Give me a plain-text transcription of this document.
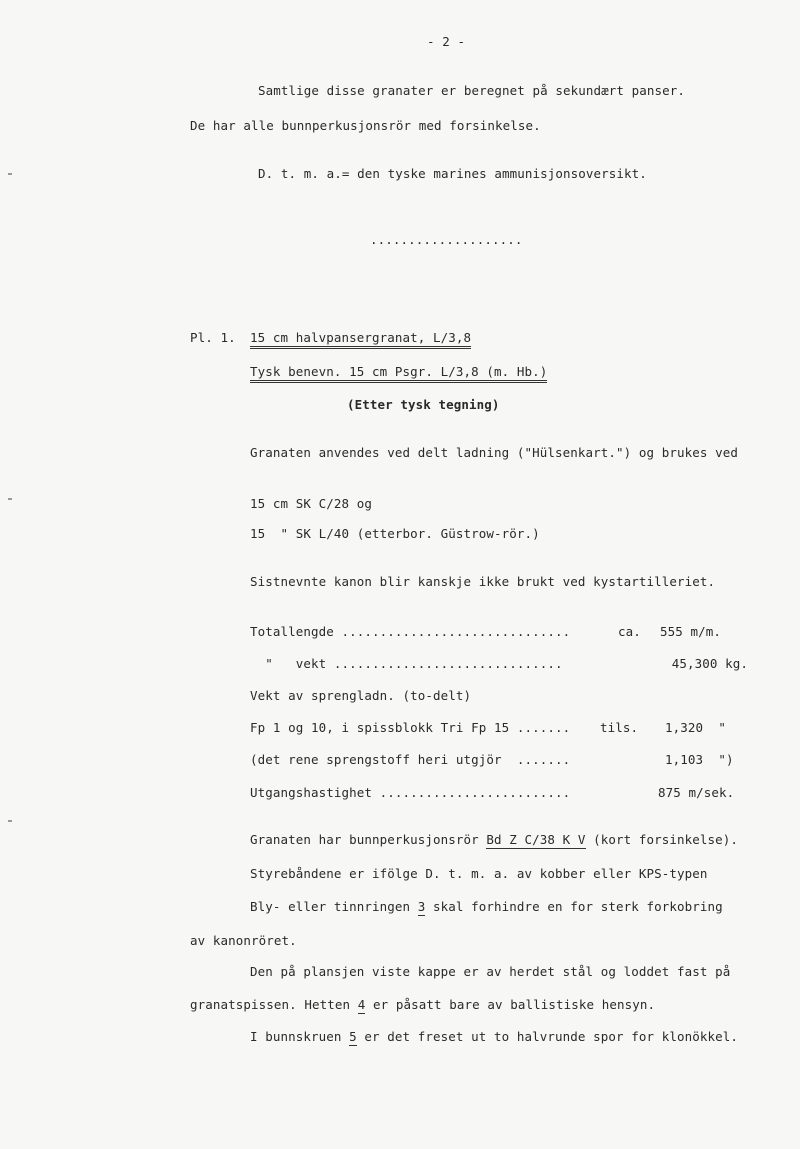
- 2 -
Samtlige disse granater er beregnet på sekundært panser.
De har alle bunnperkusjonsrör med forsinkelse.
D. t. m. a.= den tyske marines ammunisjonsoversikt.
....................
Pl. 1. 15 cm halvpansergranat, L/3,8
Tysk benevn. 15 cm Psgr. L/3,8 (m. Hb.)
(Etter tysk tegning)
Granaten anvendes ved delt ladning ("Hülsenkart.") og brukes ved
15 cm SK C/28 og
15  " SK L/40 (etterbor. Güstrow-rör.)
Sistnevnte kanon blir kanskje ikke brukt ved kystartilleriet.
Totallengde ..............................	ca. 555 m/m.
"   vekt ..............................	45,300 kg.
Vekt av sprengladn. (to-delt)
Fp 1 og 10, i spissblokk Tri Fp 15 ....... tils. 1,320  "
(det rene sprengstoff heri utgjör  .......	1,103  ")
Utgangshastighet .........................	875 m/sek.
Granaten har bunnperkusjonsrör Bd Z C/38 K V (kort forsinkelse).
Styrebåndene er ifölge D. t. m. a. av kobber eller KPS-typen
Bly- eller tinnringen 3 skal forhindre en for sterk forkobring
av kanonröret.
Den på plansjen viste kappe er av herdet stål og loddet fast på
granatspissen. Hetten 4 er påsatt bare av ballistiske hensyn.
I bunnskruen 5 er det freset ut to halvrunde spor for klonökkel.
